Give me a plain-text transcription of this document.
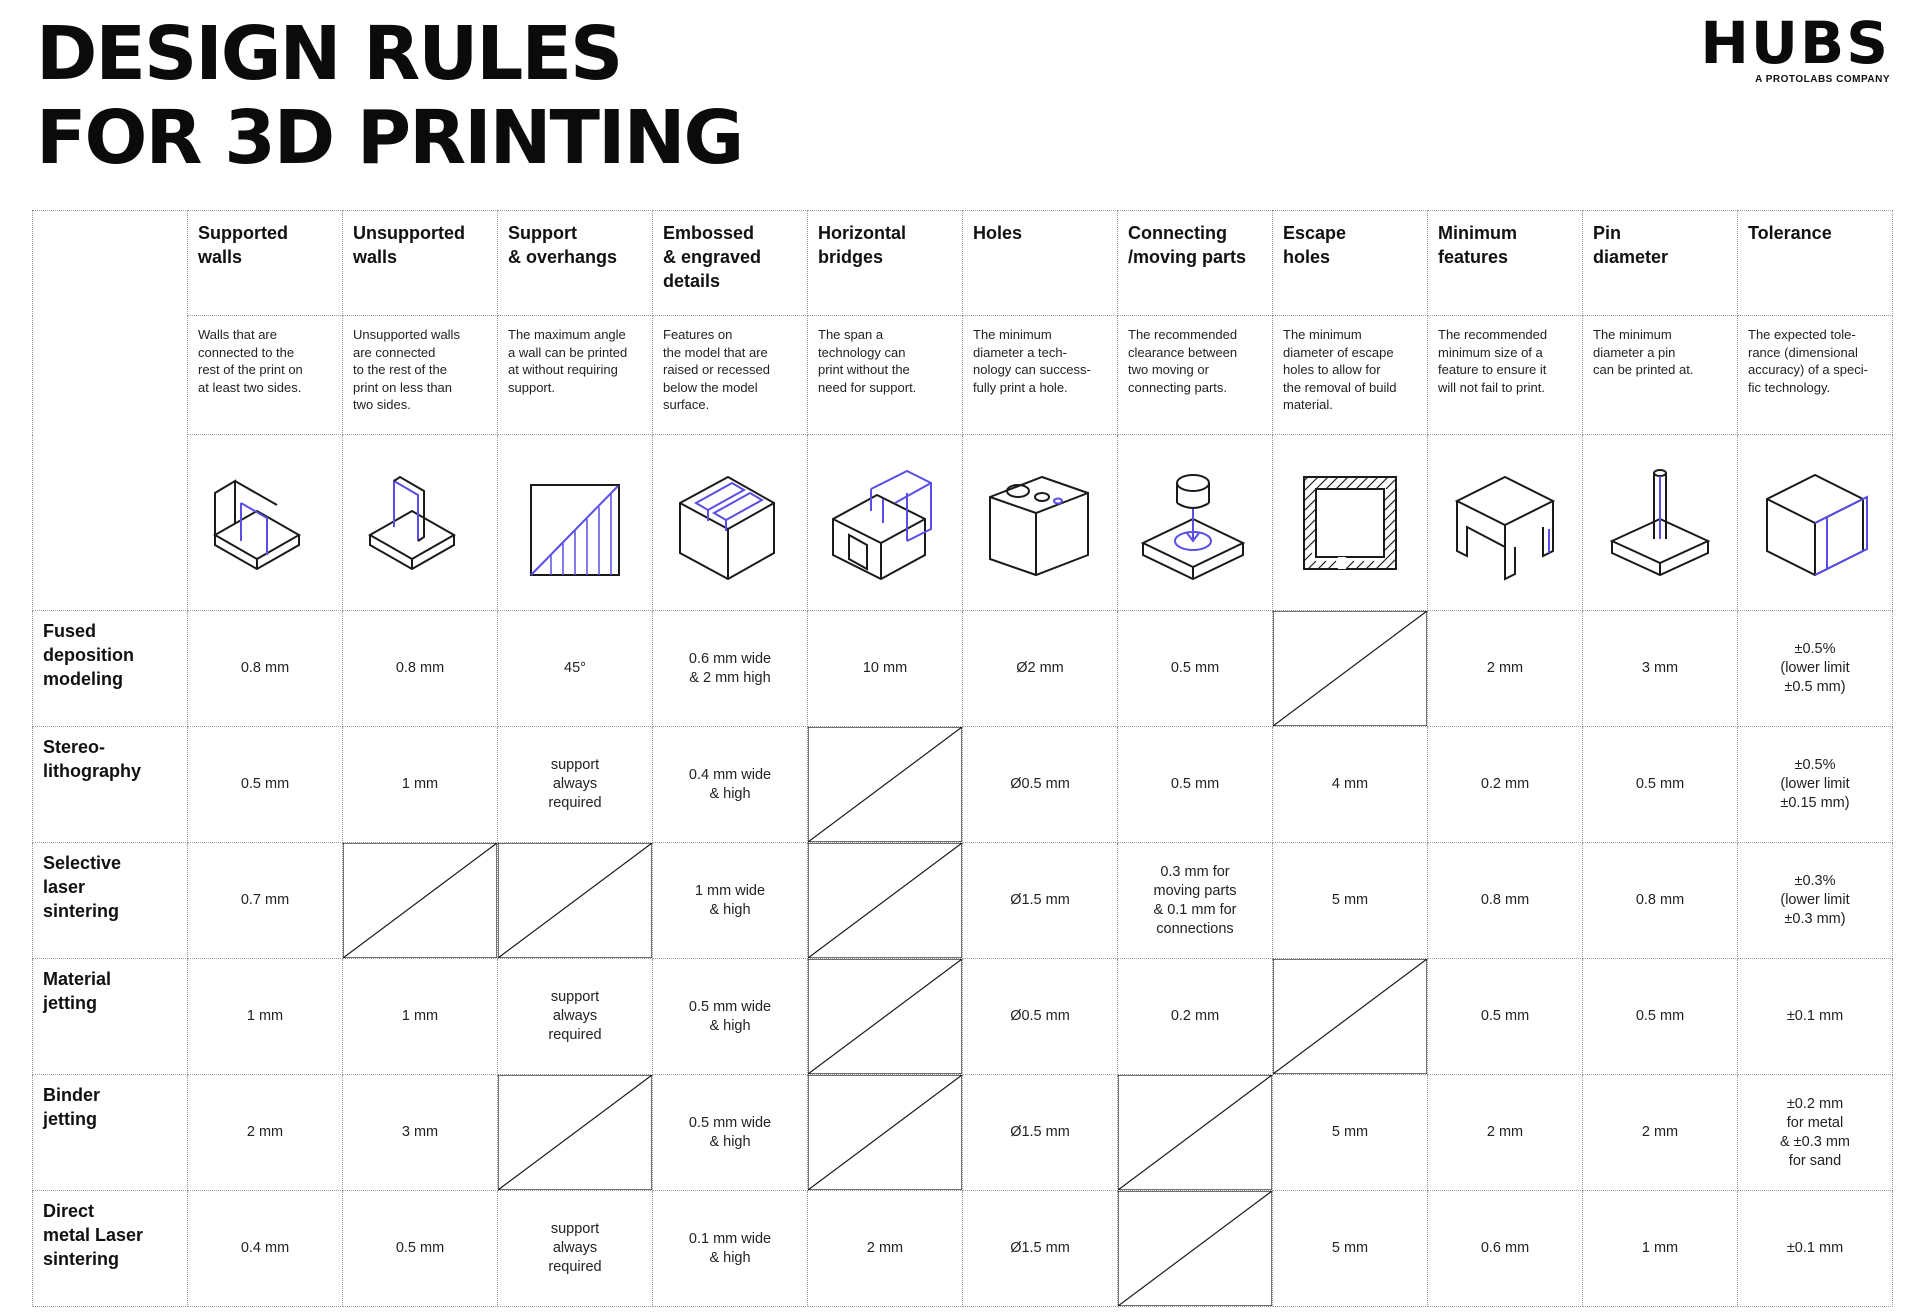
DESIGN RULES
FOR 3D PRINTING
HUBS
A PROTOLABS COMPANY

	Supported
walls	Unsupported
walls	Support
& overhangs	Embossed
& engraved
details	Horizontal
bridges	Holes	Connecting
/moving parts	Escape
holes	Minimum
features	Pin
diameter	Tolerance

	Walls that are
connected to the
rest of the print on
at least two sides.	Unsupported walls
are connected
to the rest of the
print on less than
two sides.	The maximum angle
a wall can be printed
at without requiring
support.	Features on
the model that are
raised or recessed
below the model
surface.	The span a
technology can
print without the
need for support.	The minimum
diameter a tech-
nology can success-
fully print a hole.	The recommended
clearance between
two moving or
connecting parts.	The minimum
diameter of escape
holes to allow for
the removal of build
material.	The recommended
minimum size of a
feature to ensure it
will not fail to print.	The minimum
diameter a pin
can be printed at.	The expected tole-
rance (dimensional
accuracy) of a speci-
fic technology.

Fused
deposition
modeling	0.8 mm	0.8 mm	45°	0.6 mm wide
& 2 mm high	10 mm	Ø2 mm	0.5 mm		2 mm	3 mm	±0.5%
(lower limit
±0.5 mm)

Stereo-
lithography	0.5 mm	1 mm	support
always
required	0.4 mm wide
& high		Ø0.5 mm	0.5 mm	4 mm	0.2 mm	0.5 mm	±0.5%
(lower limit
±0.15 mm)

Selective
laser
sintering	0.7 mm			1 mm wide
& high		Ø1.5 mm	0.3 mm for
moving parts
& 0.1 mm for
connections	5 mm	0.8 mm	0.8 mm	±0.3%
(lower limit
±0.3 mm)

Material
jetting	1 mm	1 mm	support
always
required	0.5 mm wide
& high		Ø0.5 mm	0.2 mm		0.5 mm	0.5 mm	±0.1 mm

Binder
jetting	2 mm	3 mm		0.5 mm wide
& high		Ø1.5 mm		5 mm	2 mm	2 mm	±0.2 mm
for metal
& ±0.3 mm
for sand

Direct
metal Laser
sintering	0.4 mm	0.5 mm	support
always
required	0.1 mm wide
& high	2 mm	Ø1.5 mm		5 mm	0.6 mm	1 mm	±0.1 mm
